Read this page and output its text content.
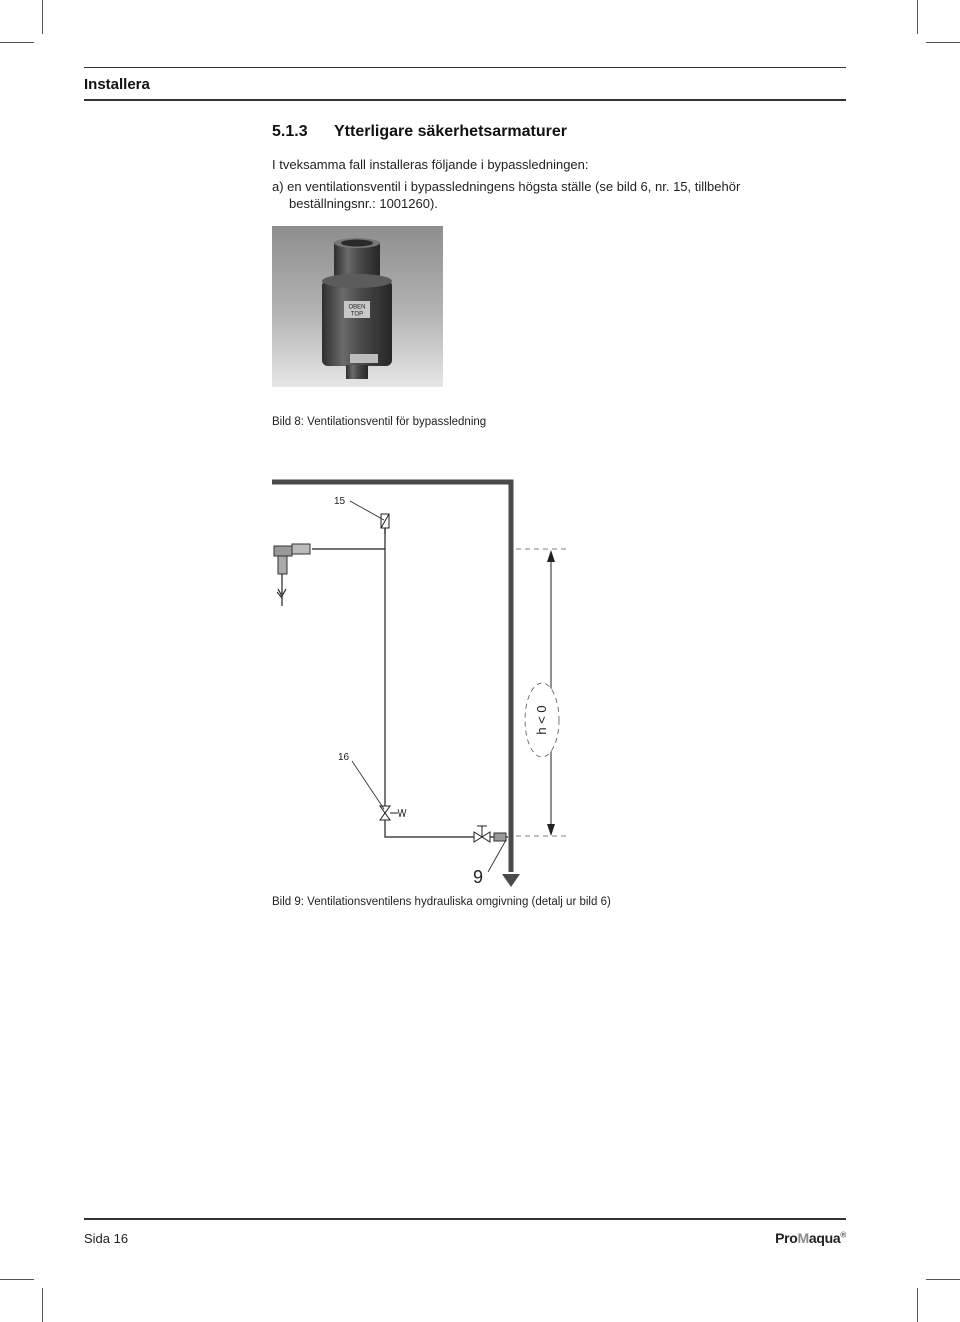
Installera
5.1.3 Ytterligare säkerhetsarmaturer
I tveksamma fall installeras följande i bypassledningen:
a) en ventilationsventil i bypassledningens högsta ställe (se bild 6, nr. 15, tillbehör
beställningsnr.: 1001260).
OBEN
TOP
Bild 8: Ventilationsventil för bypassledning
15
h < 0
16
9
Bild 9: Ventilationsventilens hydrauliska omgivning (detalj ur bild 6)
Sida 16	ProMaqua®
